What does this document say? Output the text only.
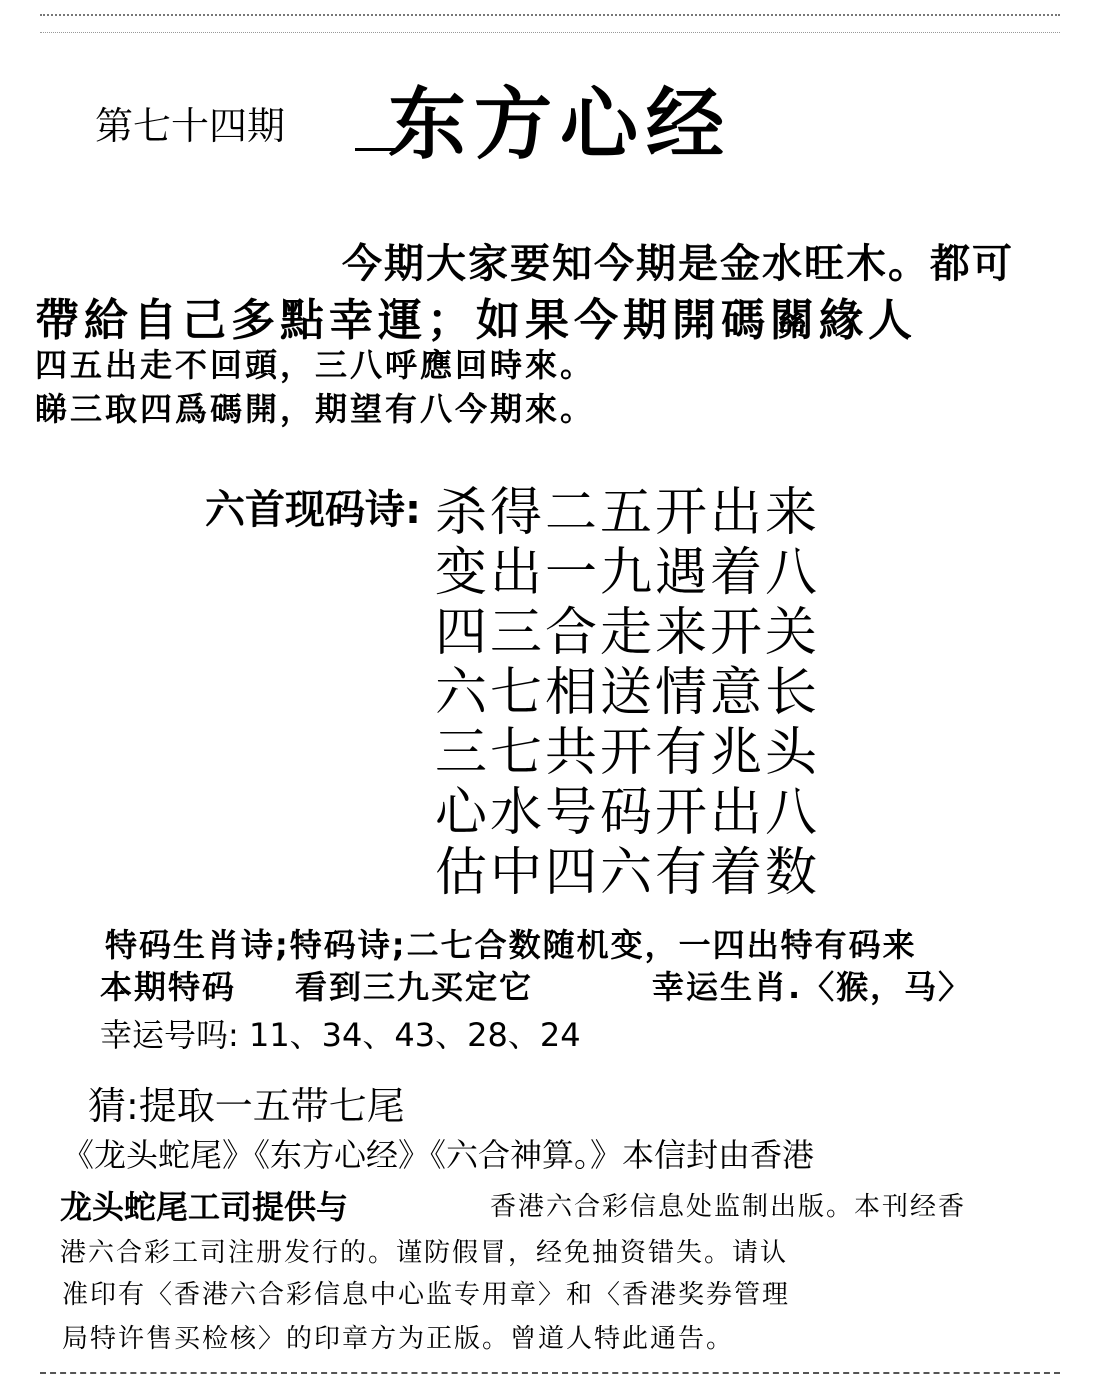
第七十四期 东方心经
今期大家要知今期是金水旺木。都可
帶給自己多點幸運；如果今期開碼關緣人
四五出走不回頭，三八呼應回時來。
睇三取四爲碼開，期望有八今期來。
六首现码诗: 杀得二五开出来
变出一九遇着八
四三合走来开关
六七相送情意长
三七共开有兆头
心水号码开出八
估中四六有着数
特码生肖诗;特码诗;二七合数随机变，一四出特有码来
本期特码 看到三九买定它	幸运生肖.〈猴，马〉
幸运号吗: 11、34、43、28、24
猜:提取一五带七尾
《龙头蛇尾》《东方心经》《六合神算。》本信封由香港
龙头蛇尾工司提供与	香港六合彩信息处监制出版。本刊经香
港六合彩工司注册发行的。谨防假冒，经免抽资错失。请认
准印有〈香港六合彩信息中心监专用章〉和〈香港奖券管理
局特许售买检核〉的印章方为正版。曾道人特此通告。
